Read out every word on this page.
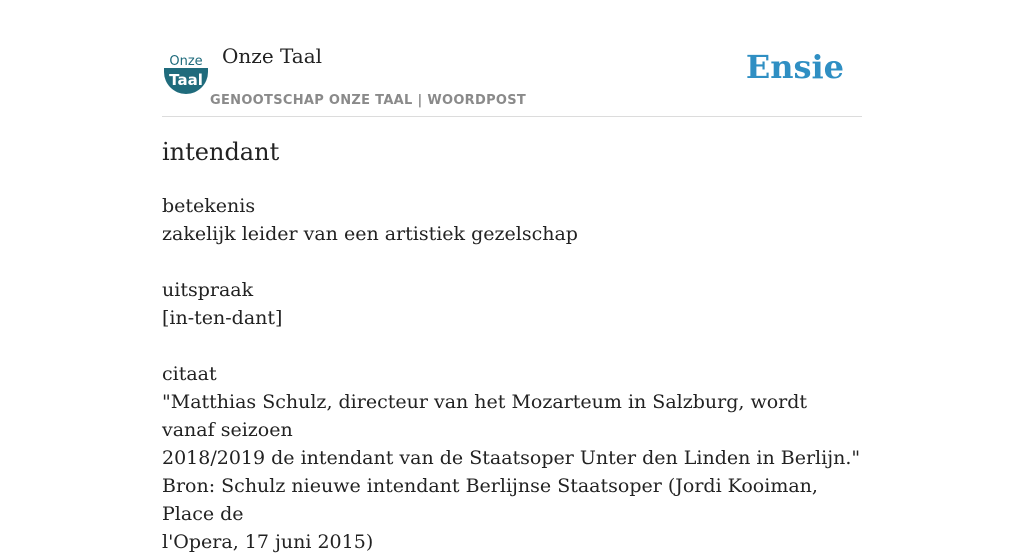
Onze
Taal
Onze Taal
GENOOTSCHAP ONZE TAAL | WOORDPOST
Ensie
intendant
betekenis
zakelijk leider van een artistiek gezelschap
uitspraak
[in-ten-dant]
citaat
"Matthias Schulz, directeur van het Mozarteum in Salzburg, wordt vanaf seizoen
2018/2019 de intendant van de Staatsoper Unter den Linden in Berlijn."
Bron: Schulz nieuwe intendant Berlijnse Staatsoper (Jordi Kooiman, Place de
l'Opera, 17 juni 2015)
